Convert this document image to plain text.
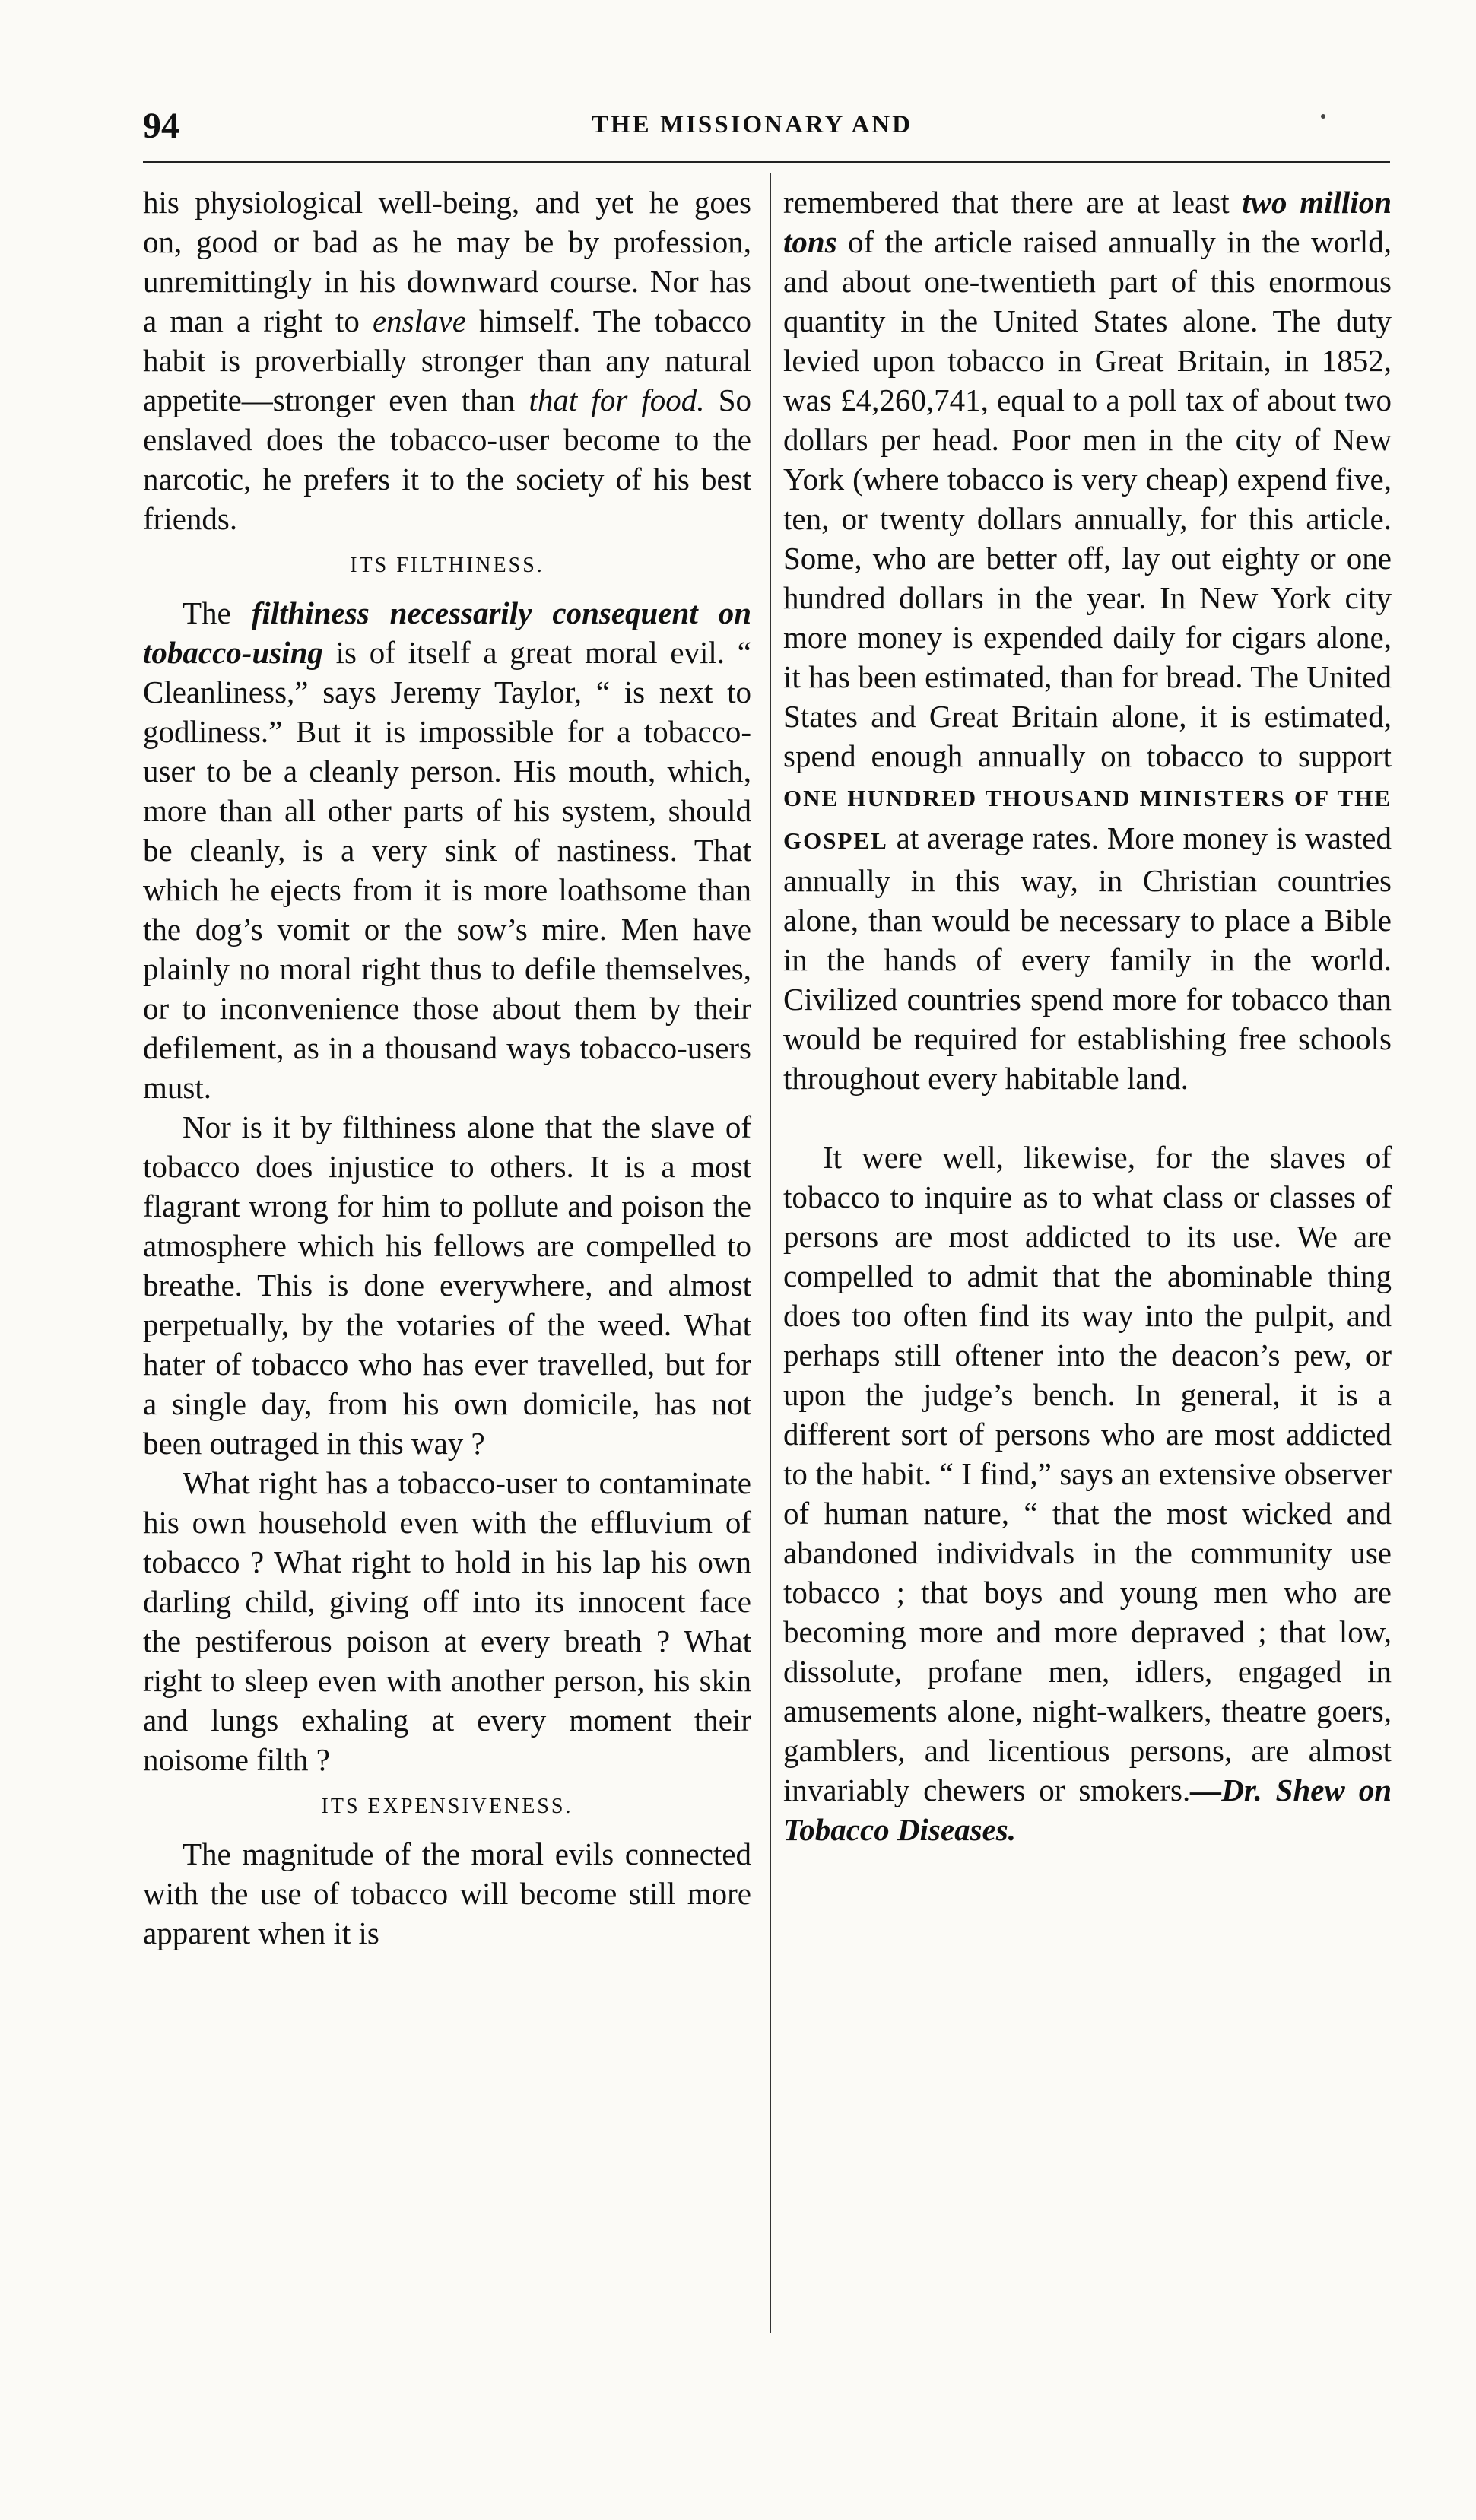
94	THE MISSIONARY AND

his physiological well-being, and yet he goes on, good or bad as he may be by profession, unremittingly in his downward course. Nor has a man a right to enslave himself. The tobacco habit is proverbially stronger than any natural appetite—stronger even than that for food. So enslaved does the tobacco-user become to the narcotic, he prefers it to the society of his best friends.

ITS FILTHINESS.

The filthiness necessarily consequent on tobacco-using is of itself a great moral evil. “ Cleanliness,” says Jeremy Taylor, “ is next to godliness.” But it is impossible for a tobacco-user to be a cleanly person. His mouth, which, more than all other parts of his system, should be cleanly, is a very sink of nastiness. That which he ejects from it is more loathsome than the dog’s vomit or the sow’s mire. Men have plainly no moral right thus to defile themselves, or to inconvenience those about them by their defilement, as in a thousand ways tobacco-users must.

Nor is it by filthiness alone that the slave of tobacco does injustice to others. It is a most flagrant wrong for him to pollute and poison the atmosphere which his fellows are compelled to breathe. This is done everywhere, and almost perpetually, by the votaries of the weed. What hater of tobacco who has ever travelled, but for a single day, from his own domicile, has not been outraged in this way ?

What right has a tobacco-user to contaminate his own household even with the effluvium of tobacco ? What right to hold in his lap his own darling child, giving off into its innocent face the pestiferous poison at every breath ? What right to sleep even with another person, his skin and lungs exhaling at every moment their noisome filth ?

ITS EXPENSIVENESS.

The magnitude of the moral evils connected with the use of tobacco will become still more apparent when it is

remembered that there are at least two million tons of the article raised annually in the world, and about one-twentieth part of this enormous quantity in the United States alone. The duty levied upon tobacco in Great Britain, in 1852, was £4,260,741, equal to a poll tax of about two dollars per head. Poor men in the city of New York (where tobacco is very cheap) expend five, ten, or twenty dollars annually, for this article. Some, who are better off, lay out eighty or one hundred dollars in the year. In New York city more money is expended daily for cigars alone, it has been estimated, than for bread. The United States and Great Britain alone, it is estimated, spend enough annually on tobacco to support ONE HUNDRED THOUSAND MINISTERS OF THE GOSPEL at average rates. More money is wasted annually in this way, in Christian countries alone, than would be necessary to place a Bible in the hands of every family in the world. Civilized countries spend more for tobacco than would be required for establishing free schools throughout every habitable land.

It were well, likewise, for the slaves of tobacco to inquire as to what class or classes of persons are most addicted to its use. We are compelled to admit that the abominable thing does too often find its way into the pulpit, and perhaps still oftener into the deacon’s pew, or upon the judge’s bench. In general, it is a different sort of persons who are most addicted to the habit. “ I find,” says an extensive observer of human nature, “ that the most wicked and abandoned individvals in the community use tobacco ; that boys and young men who are becoming more and more depraved ; that low, dissolute, profane men, idlers, engaged in amusements alone, night-walkers, theatre goers, gamblers, and licentious persons, are almost invariably chewers or smokers.—Dr. Shew on Tobacco Diseases.
